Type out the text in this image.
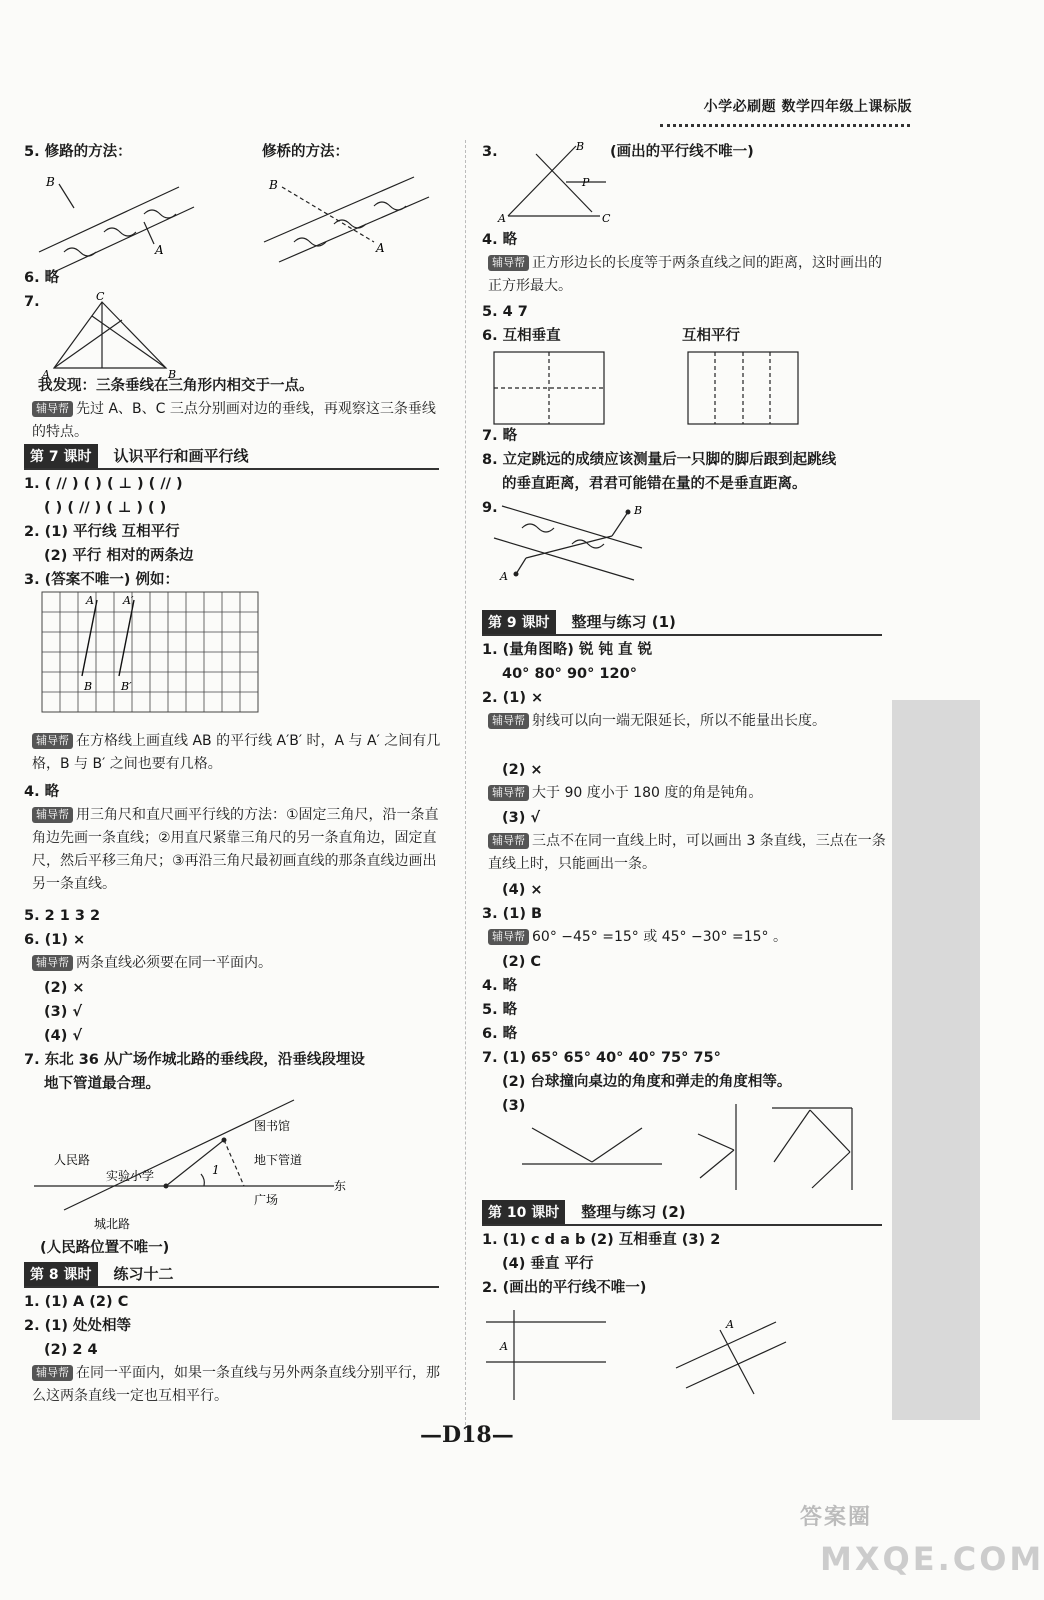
小学必刷题 数学四年级上课标版
5. 修路的方法：	修桥的方法：
B
A
B
A
6. 略
7.	C
A	B
我发现：三条垂线在三角形内相交于一点。
辅导帮 先过 A、B、C 三点分别画对边的垂线，再观察这三条垂线的特点。
第 7 课时 认识平行和画平行线
1. ( // ) ( ) ( ⊥ ) ( // )
( ) ( // ) ( ⊥ ) ( )
2. (1) 平行线 互相平行
(2) 平行 相对的两条边
3. (答案不唯一) 例如：
A
B
A′
B′
辅导帮 在方格线上画直线 AB 的平行线 A′B′ 时，A 与 A′ 之间有几格，B 与 B′ 之间也要有几格。
4. 略
辅导帮 用三角尺和直尺画平行线的方法：①固定三角尺，沿一条直角边先画一条直线；②用直尺紧靠三角尺的另一条直角边，固定直尺，然后平移三角尺；③再沿三角尺最初画直线的那条直线边画出另一条直线。
5. 2 1 3 2
6. (1) ×
辅导帮 两条直线必须要在同一平面内。
(2) ×
(3) √
(4) √
7. 东北 36 从广场作城北路的垂线段，沿垂线段埋设
地下管道最合理。
图书馆
人民路
实验小学	1
地下管道
广场
东
城北路
(人民路位置不唯一)
第 8 课时 练习十二
1. (1) A (2) C
2. (1) 处处相等
(2) 2 4
辅导帮 在同一平面内，如果一条直线与另外两条直线分别平行，那么这两条直线一定也互相平行。
3.	B
P
A	C
(画出的平行线不唯一)
4. 略
辅导帮 正方形边长的长度等于两条直线之间的距离，这时画出的正方形最大。
5. 4 7
6. 互相垂直	互相平行
7. 略
8. 立定跳远的成绩应该测量后一只脚的脚后跟到起跳线
的垂直距离，君君可能错在量的不是垂直距离。
9.	B
A
第 9 课时 整理与练习 (1)
1. (量角图略) 锐 钝 直 锐
40° 80° 90° 120°
2. (1) ×
辅导帮 射线可以向一端无限延长，所以不能量出长度。
(2) ×
辅导帮 大于 90 度小于 180 度的角是钝角。
(3) √
辅导帮 三点不在同一直线上时，可以画出 3 条直线，三点在一条直线上时，只能画出一条。
(4) ×
3. (1) B
辅导帮 60° −45° =15° 或 45° −30° =15° 。
(2) C
4. 略
5. 略
6. 略
7. (1) 65° 65° 40° 40° 75° 75°
(2) 台球撞向桌边的角度和弹走的角度相等。
(3)
第 10 课时 整理与练习 (2)
1. (1) c d a b (2) 互相垂直 (3) 2
(4) 垂直 平行
2. (画出的平行线不唯一)
A
A
—D18—
答案圈
MXQE.COM
